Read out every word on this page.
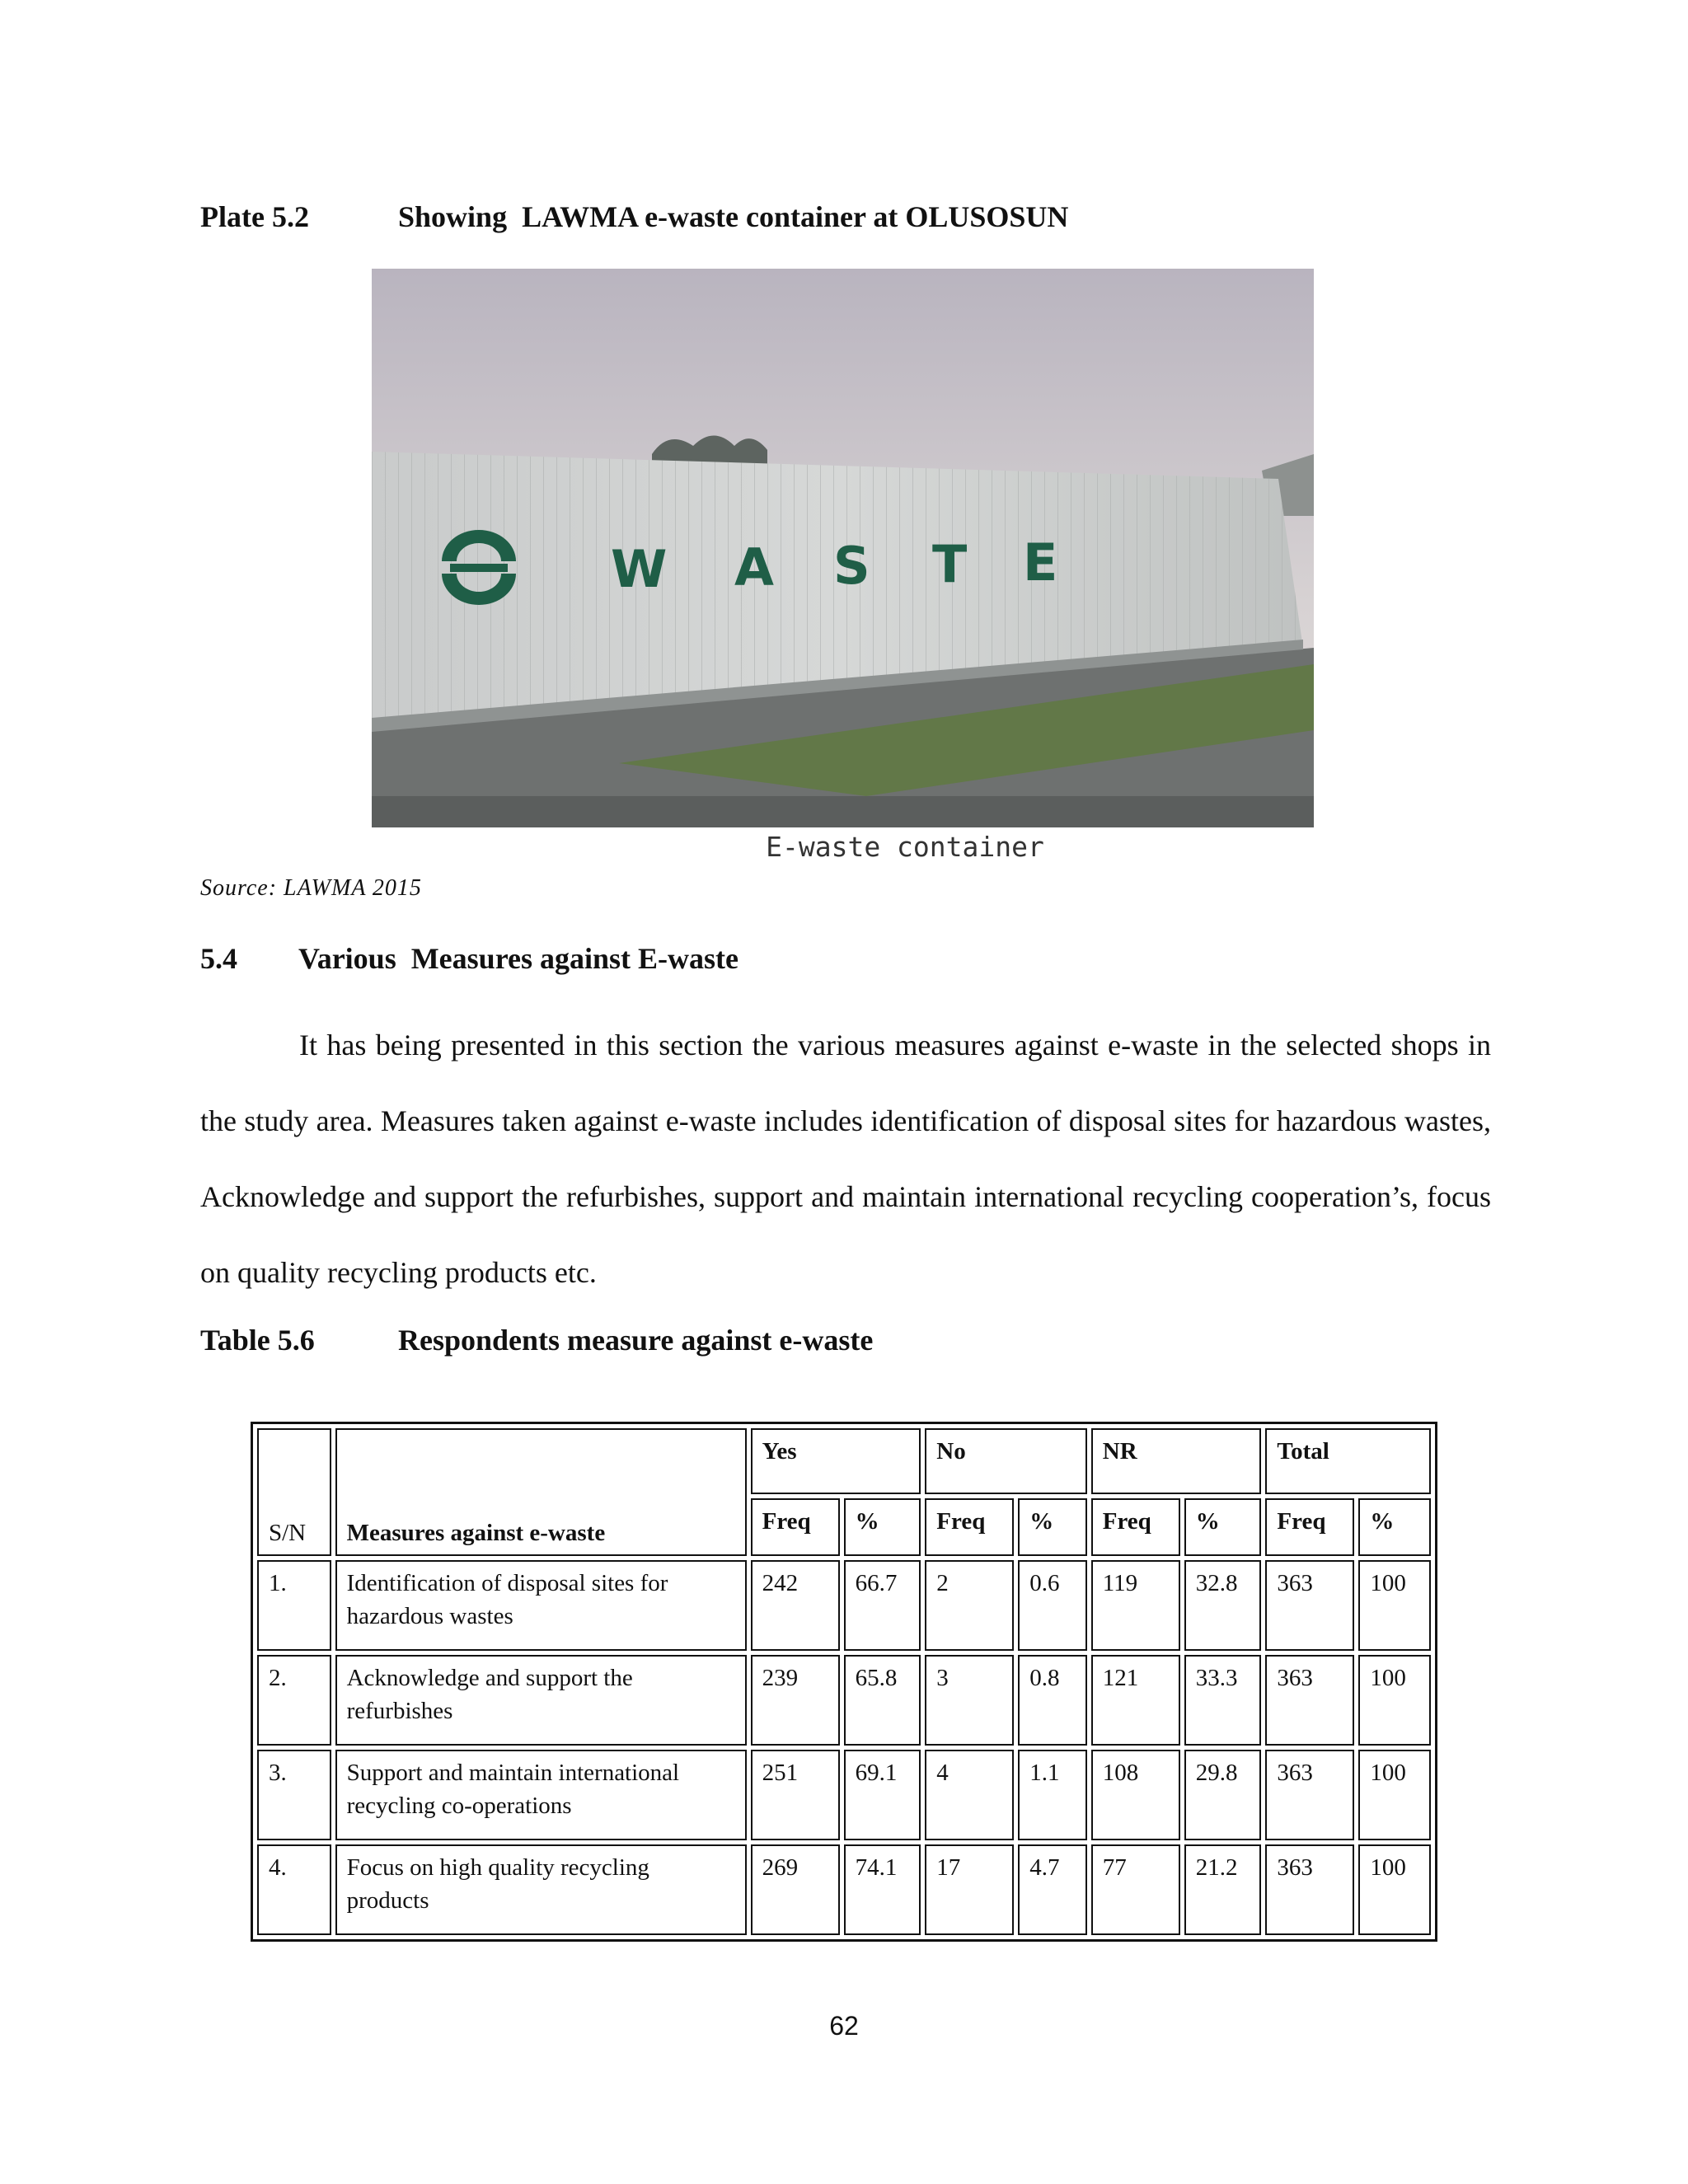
Plate 5.2	Showing  LAWMA e-waste container at OLUSOSUN
W A S T E
E-waste container
Source: LAWMA 2015
5.4 Various  Measures against E-waste
It has being presented in this section the various measures against e-waste in the selected shops in the study area. Measures taken against e-waste includes identification of disposal sites for hazardous wastes, Acknowledge and support the refurbishes, support and maintain international recycling cooperation’s, focus on quality recycling products etc.
Table 5.6	Respondents measure against e-waste
S/N	Measures against e-waste	Yes		No		NR		Total	
		Freq	%	Freq	%	Freq	%	Freq	%
1.	Identification of disposal sites for hazardous wastes	242	66.7	2	0.6	119	32.8	363	100
2.	Acknowledge and support the refurbishes	239	65.8	3	0.8	121	33.3	363	100
3.	Support and maintain international recycling co-operations	251	69.1	4	1.1	108	29.8	363	100
4.	Focus on high quality recycling products	269	74.1	17	4.7	77	21.2	363	100
62
